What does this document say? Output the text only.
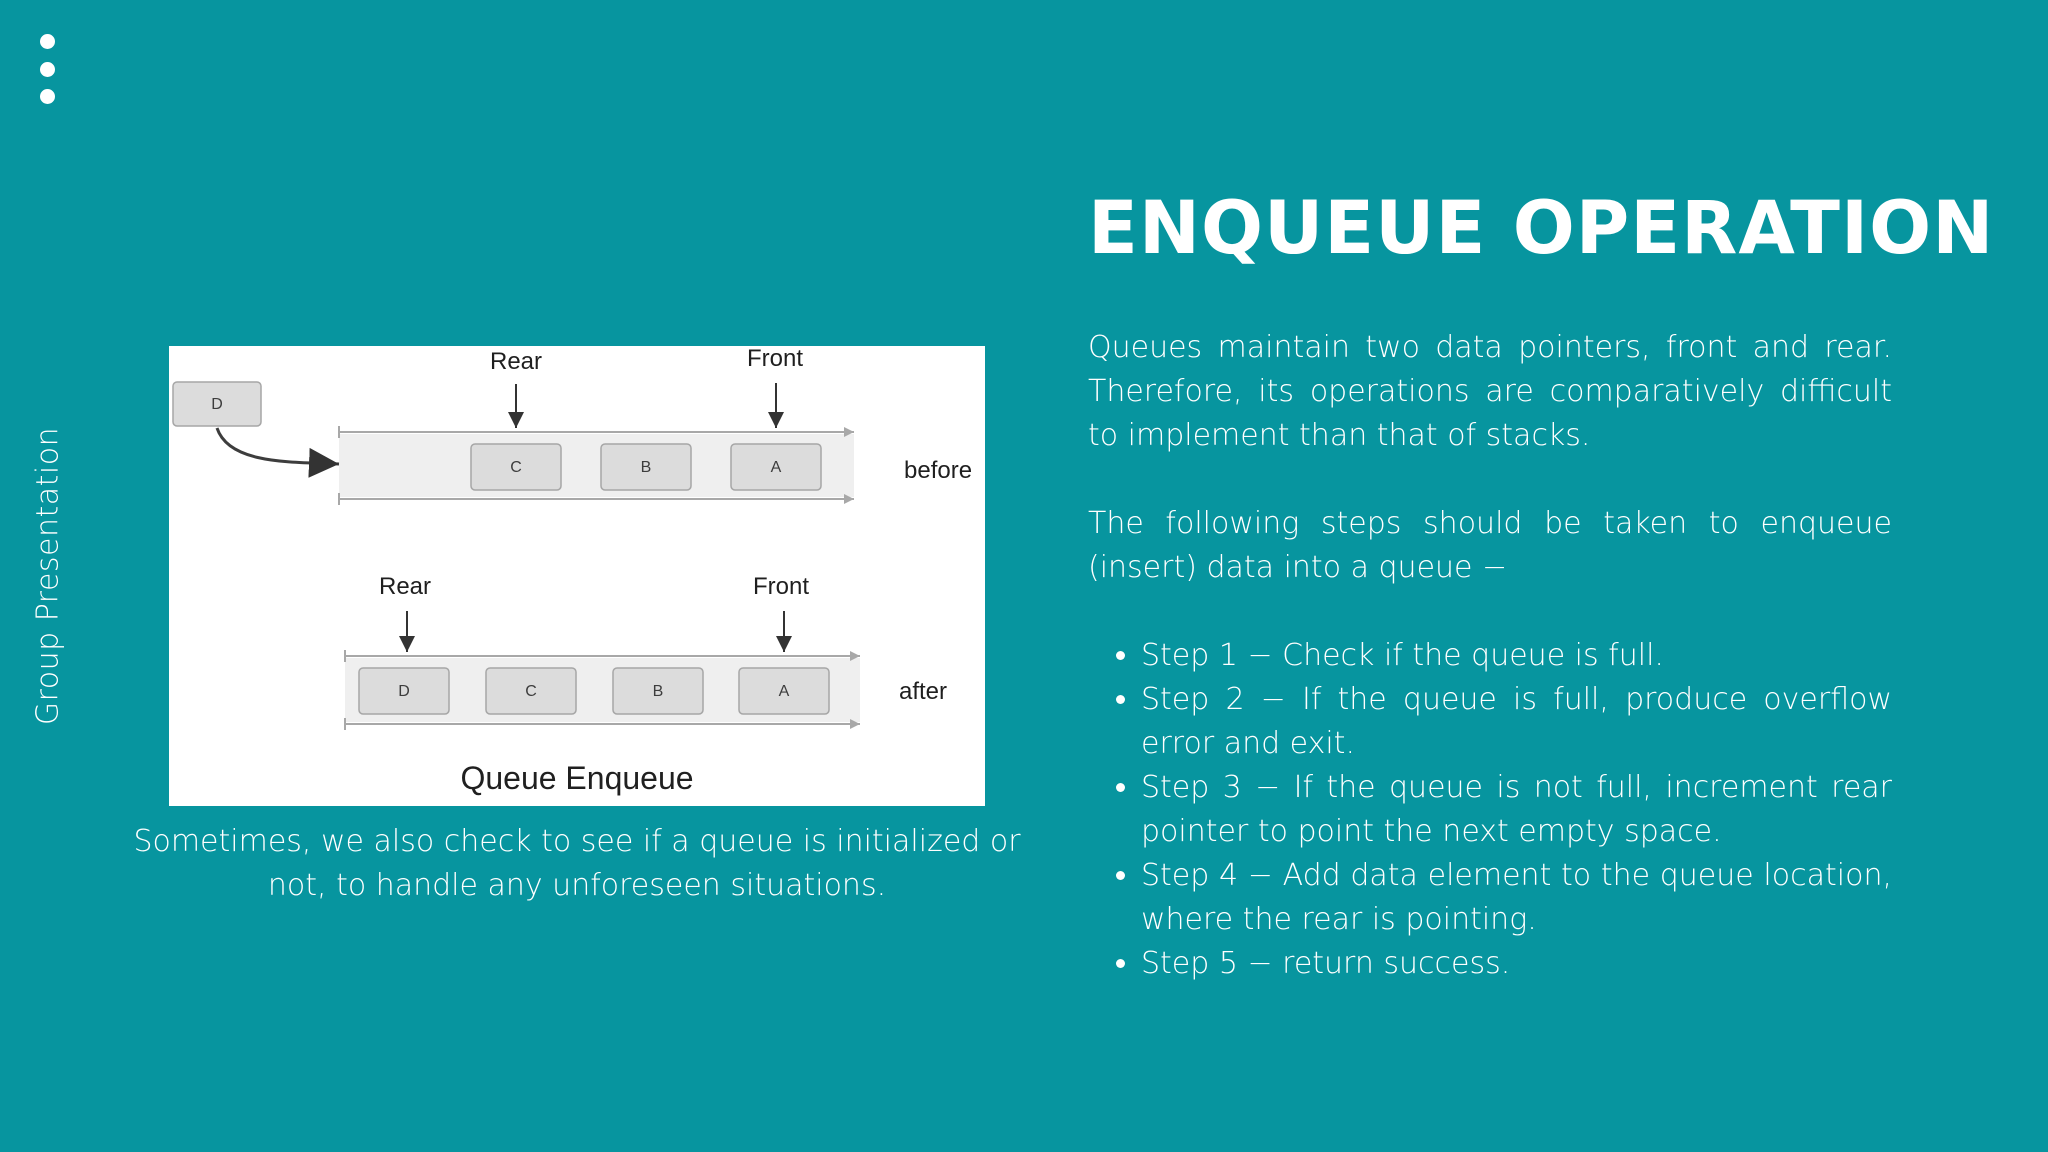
Group Presentation
ENQUEUE OPERATION

Queues maintain two data pointers, front and rear. Therefore, its operations are comparatively difficult to implement than that of stacks.

The following steps should be taken to enqueue (insert) data into a queue −

• Step 1 − Check if the queue is full.
• Step 2 − If the queue is full, produce overflow error and exit.
• Step 3 − If the queue is not full, increment rear pointer to point the next empty space.
• Step 4 − Add data element to the queue location, where the rear is pointing.
• Step 5 − return success.
D
C	B	A
Rear	Front
before
D	C	B	A
Rear	Front
after
Queue Enqueue
Sometimes, we also check to see if a queue is initialized or not, to handle any unforeseen situations.
